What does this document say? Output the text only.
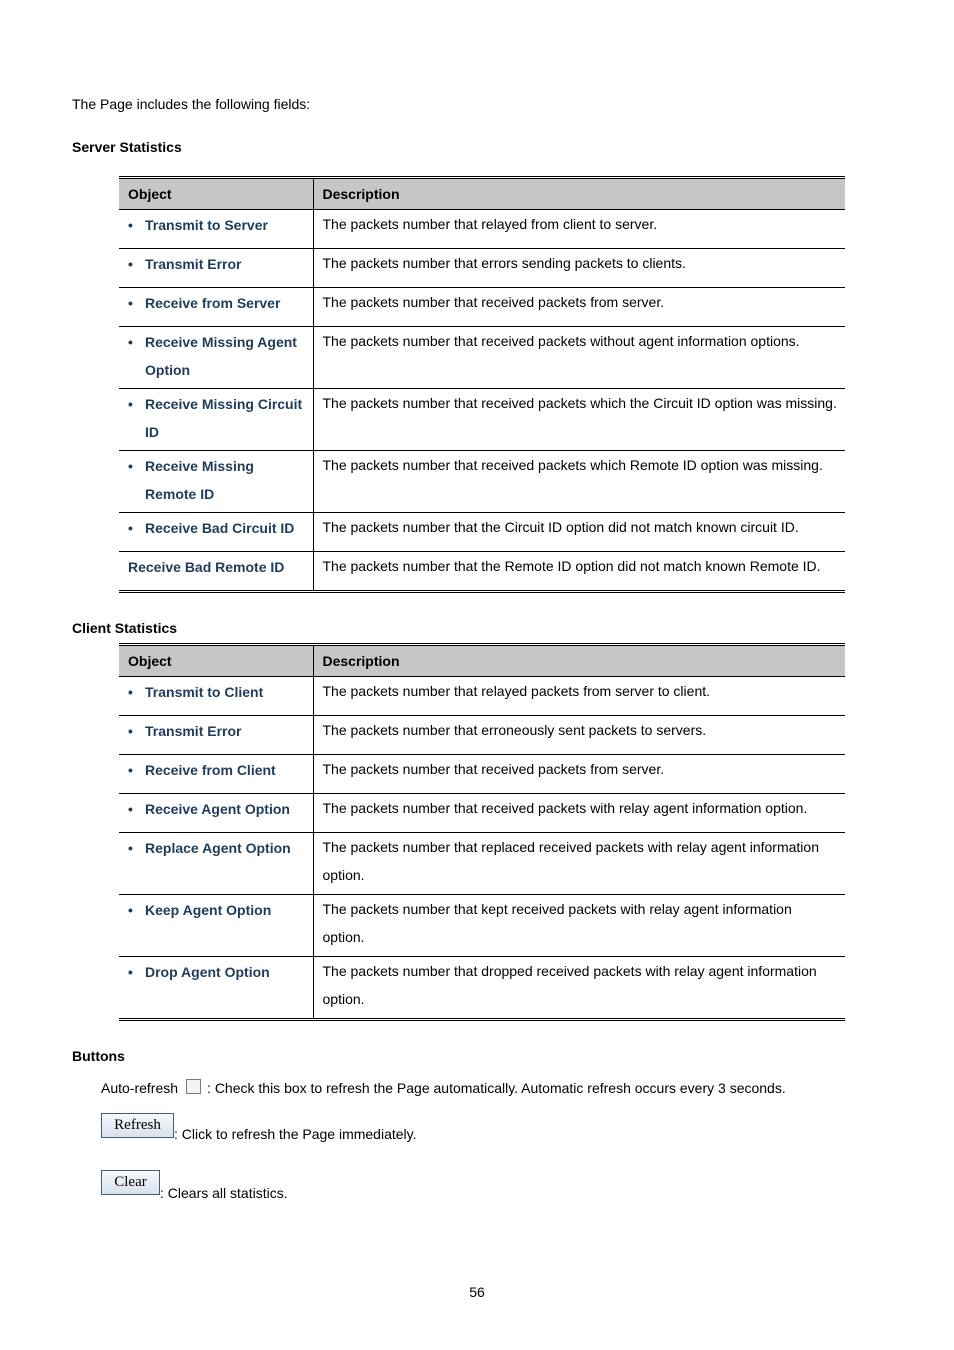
The Page includes the following fields:
Server Statistics
Object	Description

• Transmit to Server	The packets number that relayed from client to server.

• Transmit Error	The packets number that errors sending packets to clients.

• Receive from Server	The packets number that received packets from server.

• Receive Missing Agent Option	The packets number that received packets without agent information options.

• Receive Missing Circuit ID	The packets number that received packets which the Circuit ID option was missing.

• Receive Missing Remote ID	The packets number that received packets which Remote ID option was missing.

• Receive Bad Circuit ID	The packets number that the Circuit ID option did not match known circuit ID.

Receive Bad Remote ID	The packets number that the Remote ID option did not match known Remote ID.
Client Statistics
Object	Description

• Transmit to Client	The packets number that relayed packets from server to client.

• Transmit Error	The packets number that erroneously sent packets to servers.

• Receive from Client	The packets number that received packets from server.

• Receive Agent Option	The packets number that received packets with relay agent information option.

• Replace Agent Option	The packets number that replaced received packets with relay agent information option.

• Keep Agent Option	The packets number that kept received packets with relay agent information option.

• Drop Agent Option	The packets number that dropped received packets with relay agent information option.
Buttons
Auto-refresh : Check this box to refresh the Page automatically. Automatic refresh occurs every 3 seconds.
Refresh
: Click to refresh the Page immediately.
Clear
: Clears all statistics.
56
